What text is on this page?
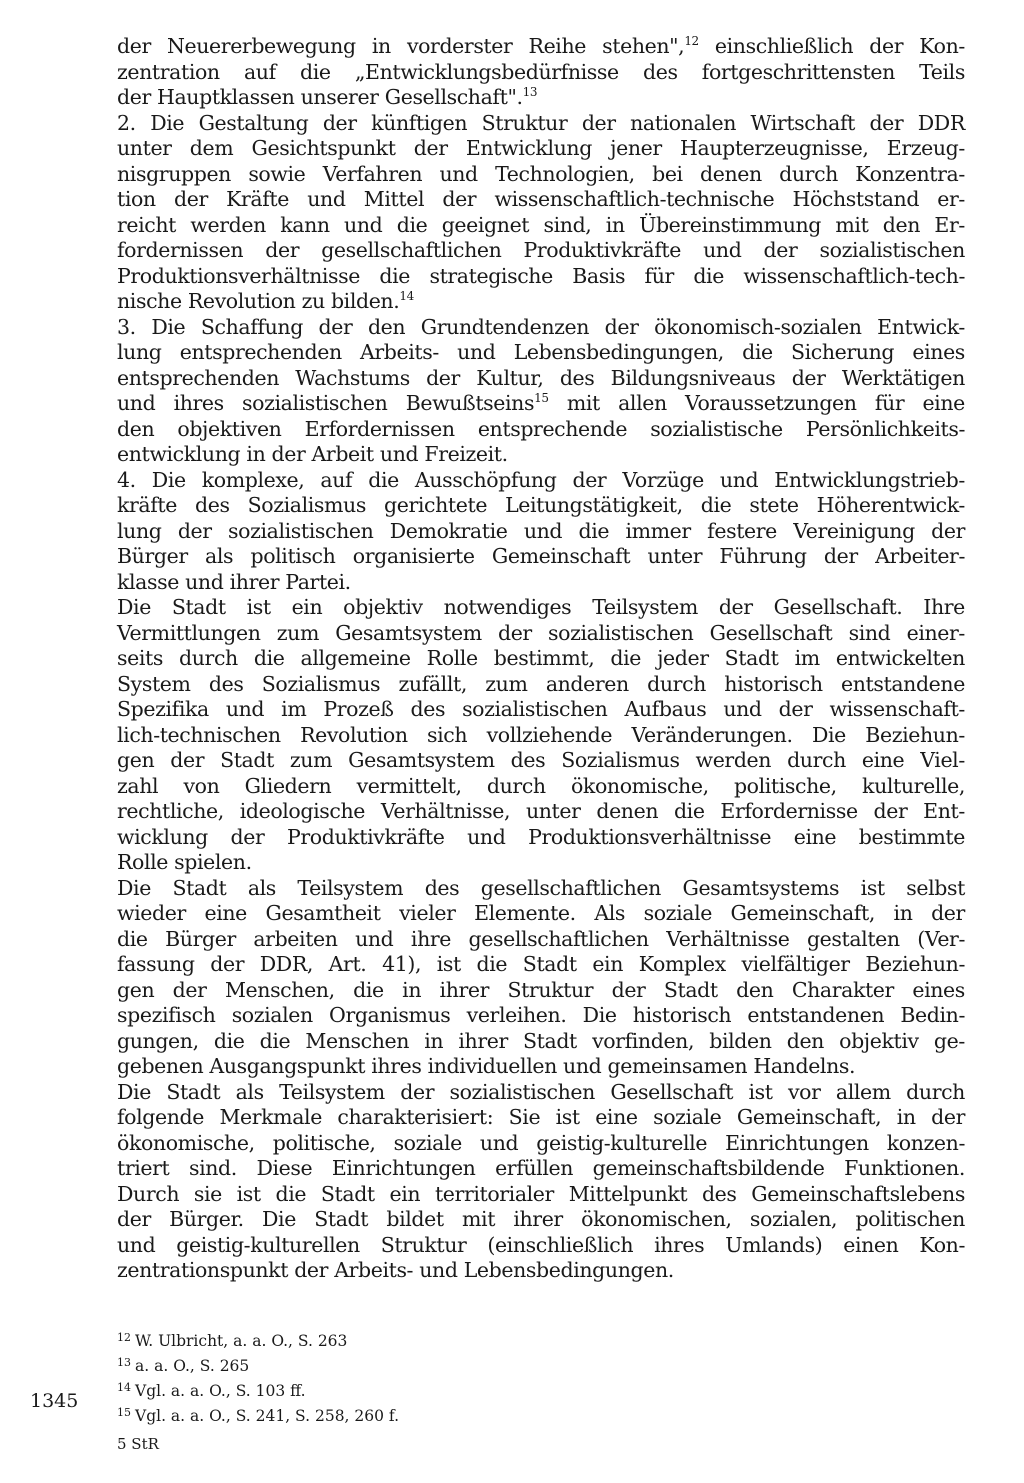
der Neuererbewegung in vorderster Reihe stehen",$^{12}$ einschließlich der Kon-
zentration auf die „Entwicklungsbedürfnisse des fortgeschrittensten Teils
der Hauptklassen unserer Gesellschaft".$^{13}$
2. Die Gestaltung der künftigen Struktur der nationalen Wirtschaft der DDR
unter dem Gesichtspunkt der Entwicklung jener Haupterzeugnisse, Erzeug-
nisgruppen sowie Verfahren und Technologien, bei denen durch Konzentra-
tion der Kräfte und Mittel der wissenschaftlich-technische Höchststand er-
reicht werden kann und die geeignet sind, in Übereinstimmung mit den Er-
fordernissen der gesellschaftlichen Produktivkräfte und der sozialistischen
Produktionsverhältnisse die strategische Basis für die wissenschaftlich-tech-
nische Revolution zu bilden.$^{14}$
3. Die Schaffung der den Grundtendenzen der ökonomisch-sozialen Entwick-
lung entsprechenden Arbeits- und Lebensbedingungen, die Sicherung eines
entsprechenden Wachstums der Kultur, des Bildungsniveaus der Werktätigen
und ihres sozialistischen Bewußtseins$^{15}$ mit allen Voraussetzungen für eine
den objektiven Erfordernissen entsprechende sozialistische Persönlichkeits-
entwicklung in der Arbeit und Freizeit.
4. Die komplexe, auf die Ausschöpfung der Vorzüge und Entwicklungstrieb-
kräfte des Sozialismus gerichtete Leitungstätigkeit, die stete Höherentwick-
lung der sozialistischen Demokratie und die immer festere Vereinigung der
Bürger als politisch organisierte Gemeinschaft unter Führung der Arbeiter-
klasse und ihrer Partei.
Die Stadt ist ein objektiv notwendiges Teilsystem der Gesellschaft. Ihre
Vermittlungen zum Gesamtsystem der sozialistischen Gesellschaft sind einer-
seits durch die allgemeine Rolle bestimmt, die jeder Stadt im entwickelten
System des Sozialismus zufällt, zum anderen durch historisch entstandene
Spezifika und im Prozeß des sozialistischen Aufbaus und der wissenschaft-
lich-technischen Revolution sich vollziehende Veränderungen. Die Beziehun-
gen der Stadt zum Gesamtsystem des Sozialismus werden durch eine Viel-
zahl von Gliedern vermittelt, durch ökonomische, politische, kulturelle,
rechtliche, ideologische Verhältnisse, unter denen die Erfordernisse der Ent-
wicklung der Produktivkräfte und Produktionsverhältnisse eine bestimmte
Rolle spielen.
Die Stadt als Teilsystem des gesellschaftlichen Gesamtsystems ist selbst
wieder eine Gesamtheit vieler Elemente. Als soziale Gemeinschaft, in der
die Bürger arbeiten und ihre gesellschaftlichen Verhältnisse gestalten (Ver-
fassung der DDR, Art. 41), ist die Stadt ein Komplex vielfältiger Beziehun-
gen der Menschen, die in ihrer Struktur der Stadt den Charakter eines
spezifisch sozialen Organismus verleihen. Die historisch entstandenen Bedin-
gungen, die die Menschen in ihrer Stadt vorfinden, bilden den objektiv ge-
gebenen Ausgangspunkt ihres individuellen und gemeinsamen Handelns.
Die Stadt als Teilsystem der sozialistischen Gesellschaft ist vor allem durch
folgende Merkmale charakterisiert: Sie ist eine soziale Gemeinschaft, in der
ökonomische, politische, soziale und geistig-kulturelle Einrichtungen konzen-
triert sind. Diese Einrichtungen erfüllen gemeinschaftsbildende Funktionen.
Durch sie ist die Stadt ein territorialer Mittelpunkt des Gemeinschaftslebens
der Bürger. Die Stadt bildet mit ihrer ökonomischen, sozialen, politischen
und geistig-kulturellen Struktur (einschließlich ihres Umlands) einen Kon-
zentrationspunkt der Arbeits- und Lebensbedingungen.
$^{12}$ W. Ulbricht, a. a. O., S. 263
$^{13}$ a. a. O., S. 265
$^{14}$ Vgl. a. a. O., S. 103 ff.
$^{15}$ Vgl. a. a. O., S. 241, S. 258, 260 f.
1345
5 StR
